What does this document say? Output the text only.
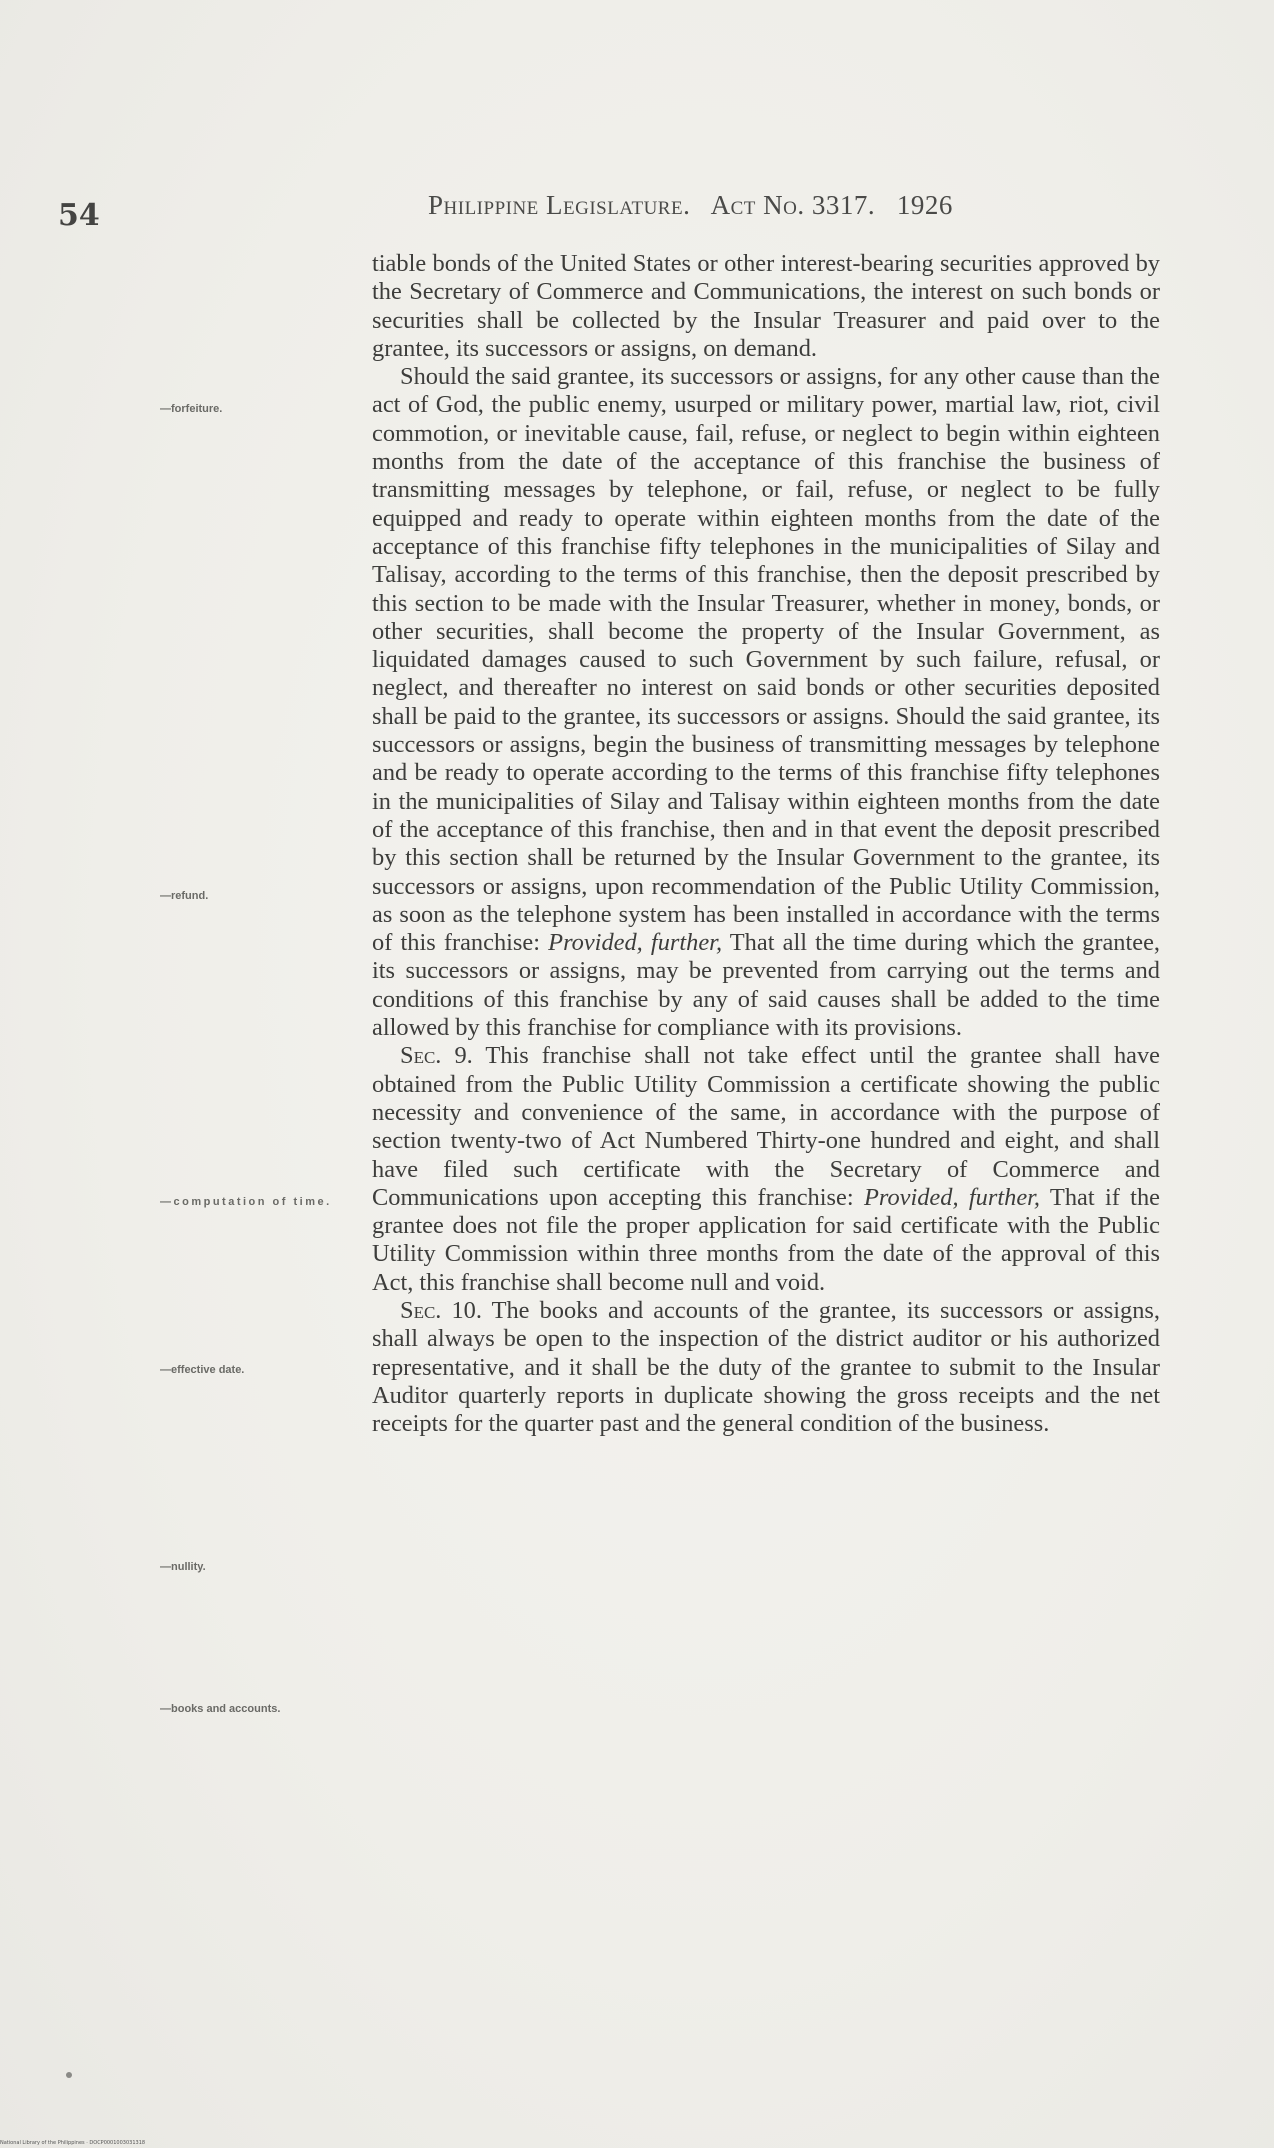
54	Philippine Legislature.   Act No. 3317.   1926
—forfeiture.
—refund.
—computation of time.
—effective date.
—nullity.
—books and accounts.

tiable bonds of the United States or other interest-bearing securities approved by the Secretary of Commerce and Communications, the interest on such bonds or securities shall be collected by the Insular Treasurer and paid over to the grantee, its successors or assigns, on demand.

Should the said grantee, its successors or assigns, for any other cause than the act of God, the public enemy, usurped or military power, martial law, riot, civil commotion, or inevitable cause, fail, refuse, or neglect to begin within eighteen months from the date of the acceptance of this franchise the business of transmitting messages by telephone, or fail, refuse, or neglect to be fully equipped and ready to operate within eighteen months from the date of the acceptance of this franchise fifty telephones in the municipalities of Silay and Talisay, according to the terms of this franchise, then the deposit prescribed by this section to be made with the Insular Treasurer, whether in money, bonds, or other securities, shall become the property of the Insular Government, as liquidated damages caused to such Government by such failure, refusal, or neglect, and thereafter no interest on said bonds or other securities deposited shall be paid to the grantee, its successors or assigns. Should the said grantee, its successors or assigns, begin the business of transmitting messages by telephone and be ready to operate according to the terms of this franchise fifty telephones in the municipalities of Silay and Talisay within eighteen months from the date of the acceptance of this franchise, then and in that event the deposit prescribed by this section shall be returned by the Insular Government to the grantee, its successors or assigns, upon recommendation of the Public Utility Commission, as soon as the telephone system has been installed in accordance with the terms of this franchise: Provided, further, That all the time during which the grantee, its successors or assigns, may be prevented from carrying out the terms and conditions of this franchise by any of said causes shall be added to the time allowed by this franchise for compliance with its provisions.

Sec. 9. This franchise shall not take effect until the grantee shall have obtained from the Public Utility Commission a certificate showing the public necessity and convenience of the same, in accordance with the purpose of section twenty-two of Act Numbered Thirty-one hundred and eight, and shall have filed such certificate with the Secretary of Commerce and Communications upon accepting this franchise: Provided, further, That if the grantee does not file the proper application for said certificate with the Public Utility Commission within three months from the date of the approval of this Act, this franchise shall become null and void.

Sec. 10. The books and accounts of the grantee, its successors or assigns, shall always be open to the inspection of the district auditor or his authorized representative, and it shall be the duty of the grantee to submit to the Insular Auditor quarterly reports in duplicate showing the gross receipts and the net receipts for the quarter past and the general condition of the business.

National Library of the Philippines · DOCP0001003031318
